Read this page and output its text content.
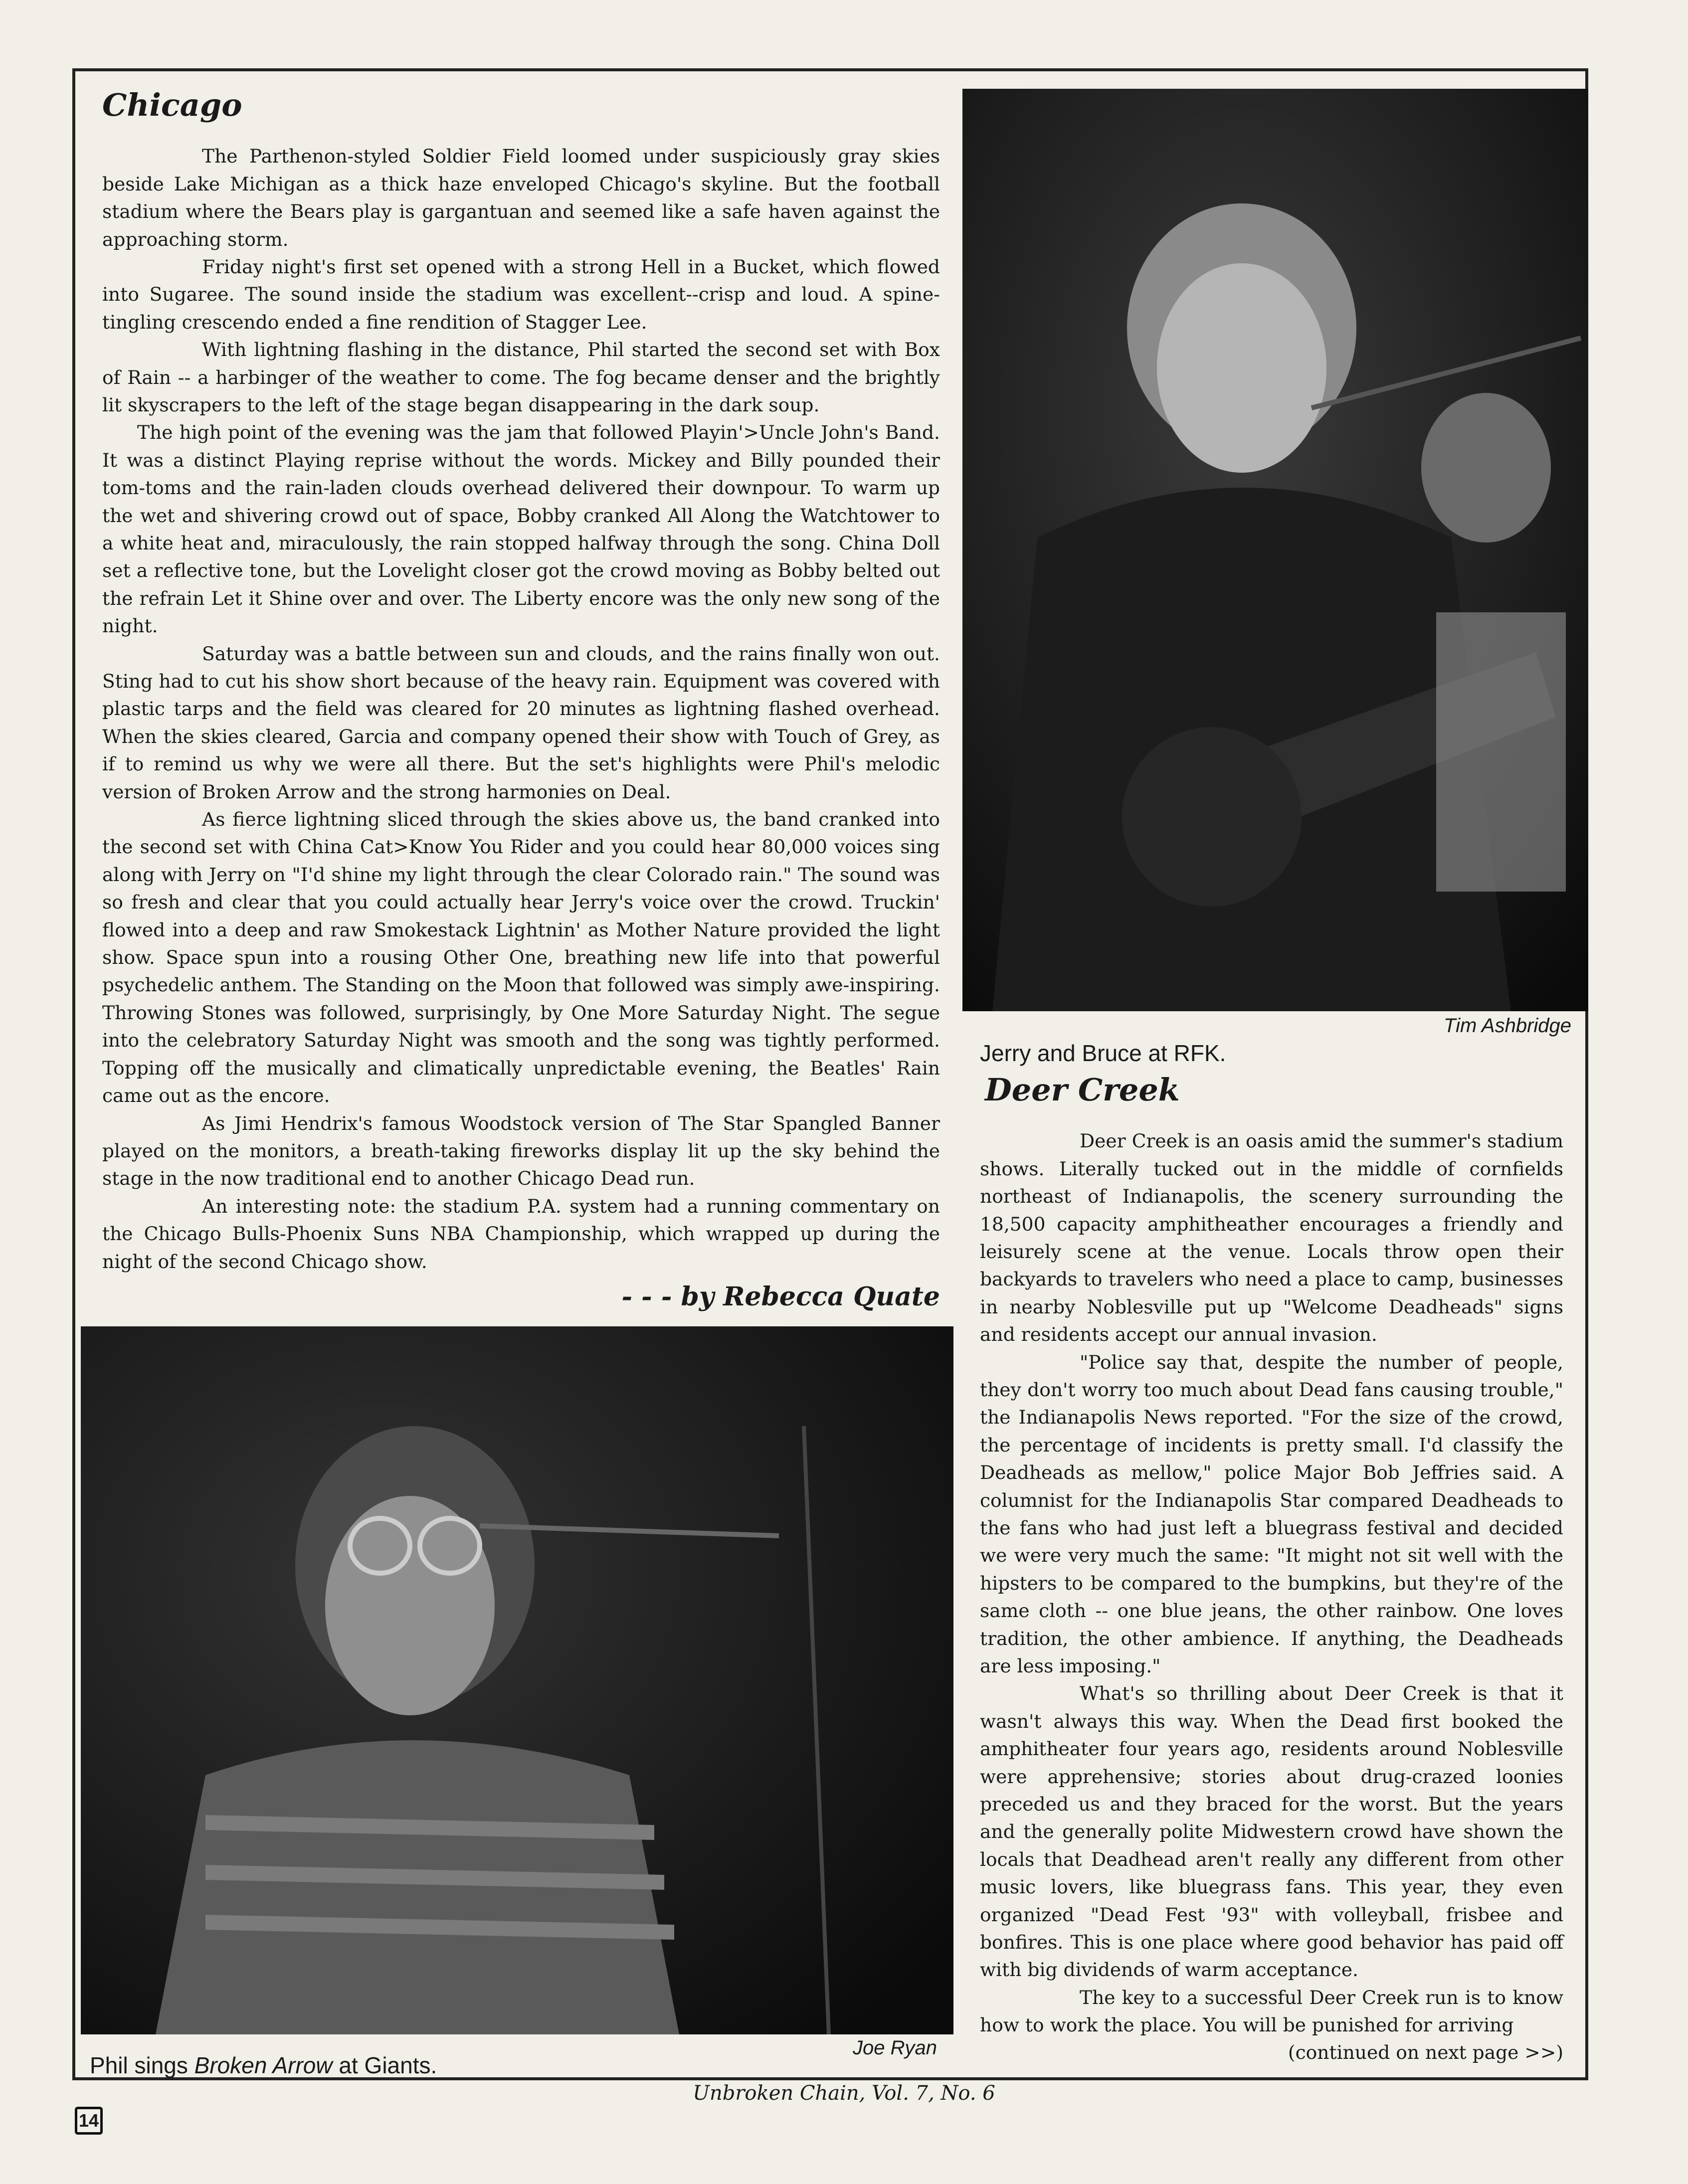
Chicago

The Parthenon-styled Soldier Field loomed under suspiciously gray skies beside Lake Michigan as a thick haze enveloped Chicago's skyline. But the football stadium where the Bears play is gargantuan and seemed like a safe haven against the approaching storm.

Friday night's first set opened with a strong Hell in a Bucket, which flowed into Sugaree. The sound inside the stadium was excellent--crisp and loud. A spine-tingling crescendo ended a fine rendition of Stagger Lee.

With lightning flashing in the distance, Phil started the second set with Box of Rain -- a harbinger of the weather to come. The fog became denser and the brightly lit skyscrapers to the left of the stage began disappearing in the dark soup.

The high point of the evening was the jam that followed Playin'>Uncle John's Band. It was a distinct Playing reprise without the words. Mickey and Billy pounded their tom-toms and the rain-laden clouds overhead delivered their downpour. To warm up the wet and shivering crowd out of space, Bobby cranked All Along the Watchtower to a white heat and, miraculously, the rain stopped halfway through the song. China Doll set a reflective tone, but the Lovelight closer got the crowd moving as Bobby belted out the refrain Let it Shine over and over. The Liberty encore was the only new song of the night.

Saturday was a battle between sun and clouds, and the rains finally won out. Sting had to cut his show short because of the heavy rain. Equipment was covered with plastic tarps and the field was cleared for 20 minutes as lightning flashed overhead. When the skies cleared, Garcia and company opened their show with Touch of Grey, as if to remind us why we were all there. But the set's highlights were Phil's melodic version of Broken Arrow and the strong harmonies on Deal.

As fierce lightning sliced through the skies above us, the band cranked into the second set with China Cat>Know You Rider and you could hear 80,000 voices sing along with Jerry on "I'd shine my light through the clear Colorado rain." The sound was so fresh and clear that you could actually hear Jerry's voice over the crowd. Truckin' flowed into a deep and raw Smokestack Lightnin' as Mother Nature provided the light show. Space spun into a rousing Other One, breathing new life into that powerful psychedelic anthem. The Standing on the Moon that followed was simply awe-inspiring. Throwing Stones was followed, surprisingly, by One More Saturday Night. The segue into the celebratory Saturday Night was smooth and the song was tightly performed. Topping off the musically and climatically unpredictable evening, the Beatles' Rain came out as the encore.

As Jimi Hendrix's famous Woodstock version of The Star Spangled Banner played on the monitors, a breath-taking fireworks display lit up the sky behind the stage in the now traditional end to another Chicago Dead run.

An interesting note: the stadium P.A. system had a running commentary on the Chicago Bulls-Phoenix Suns NBA Championship, which wrapped up during the night of the second Chicago show.

- - - by Rebecca Quate
Tim Ashbridge
Jerry and Bruce at RFK.
Joe Ryan
Phil sings Broken Arrow at Giants.
Deer Creek

Deer Creek is an oasis amid the summer's stadium shows. Literally tucked out in the middle of cornfields northeast of Indianapolis, the scenery surrounding the 18,500 capacity amphitheather encourages a friendly and leisurely scene at the venue. Locals throw open their backyards to travelers who need a place to camp, businesses in nearby Noblesville put up "Welcome Deadheads" signs and residents accept our annual invasion.

"Police say that, despite the number of people, they don't worry too much about Dead fans causing trouble," the Indianapolis News reported. "For the size of the crowd, the percentage of incidents is pretty small. I'd classify the Deadheads as mellow," police Major Bob Jeffries said. A columnist for the Indianapolis Star compared Deadheads to the fans who had just left a bluegrass festival and decided we were very much the same: "It might not sit well with the hipsters to be compared to the bumpkins, but they're of the same cloth -- one blue jeans, the other rainbow. One loves tradition, the other ambience. If anything, the Deadheads are less imposing."

What's so thrilling about Deer Creek is that it wasn't always this way. When the Dead first booked the amphitheater four years ago, residents around Noblesville were apprehensive; stories about drug-crazed loonies preceded us and they braced for the worst. But the years and the generally polite Midwestern crowd have shown the locals that Deadhead aren't really any different from other music lovers, like bluegrass fans. This year, they even organized "Dead Fest '93" with volleyball, frisbee and bonfires. This is one place where good behavior has paid off with big dividends of warm acceptance.

The key to a successful Deer Creek run is to know how to work the place. You will be punished for arriving

(continued on next page >>)
14
Unbroken Chain, Vol. 7, No. 6
